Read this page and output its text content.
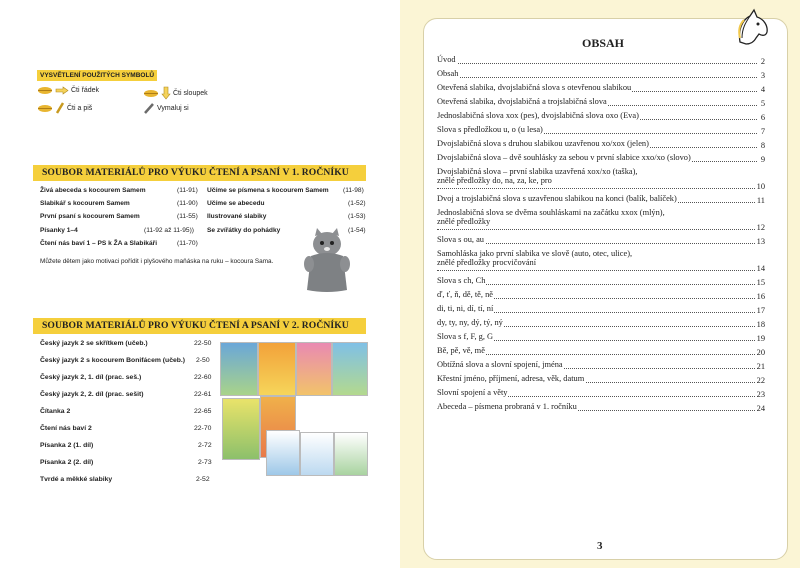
VYSVĚTLENÍ POUŽITÝCH SYMBOLŮ
Čti řádek	Čti sloupek
Čti a piš	Vymaluj si
SOUBOR MATERIÁLŮ PRO VÝUKU ČTENÍ A PSANÍ V 1. ROČNÍKU
Živá abeceda s kocourem Samem	(11-91)
Slabikář s kocourem Samem	(11-90)
První psaní s kocourem Samem	(11-55)
Písanky 1–4	(11-92 až 11-95))
Čtení nás baví 1 – PS k ŽA a Slabikáři	(11-70)
Učíme se písmena s kocourem Samem (11-98)
Učíme se abecedu	(1-52)
Ilustrované slabiky	(1-53)
Se zvířátky do pohádky	(1-54)
Můžete dětem jako motivaci pořídit i plyšového maňáska na ruku – kocoura Sama.
SOUBOR MATERIÁLŮ PRO VÝUKU ČTENÍ A PSANÍ V 2. ROČNÍKU
Český jazyk 2 se skřítkem (učeb.)	22-50
Český jazyk 2 s kocourem Bonifácem (učeb.) 2-50
Český jazyk 2, 1. díl (prac. seš.)	22-60
Český jazyk 2, 2. díl (prac. sešit)	22-61
Čítanka 2	22-65
Čtení nás baví 2	22-70
Písanka 2 (1. díl)	2-72
Písanka 2 (2. díl)	2-73
Tvrdé a měkké slabiky	2-52
OBSAH
Úvod	2
Obsah	3
Otevřená slabika, dvojslabičná slova s otevřenou slabikou	4
Otevřená slabika, dvojslabičná a trojslabičná slova	5
Jednoslabičná slova xox (pes), dvojslabičná slova oxo (Eva)	6
Slova s předložkou u, o (u lesa)	7
Dvojslabičná slova s druhou slabikou uzavřenou xo/xox (jelen)	8
Dvojslabičná slova – dvě souhlásky za sebou v první slabice xxo/xo (slovo)	9
Dvojslabičná slova – první slabika uzavřená xox/xo (taška),
znělé předložky do, na, za, ke, pro
10
Dvoj a trojslabičná slova s uzavřenou slabikou na konci (balík, balíček)	11
Jednoslabičná slova se dvěma souhláskami na začátku xxox (mlýn),
znělé předložky
12
Slova s ou, au	13
Samohláska jako první slabika ve slově (auto, otec, ulice),
znělé předložky procvičování
14
Slova s ch, Ch	15
ď, ť, ň, dě, tě, ně	16
di, ti, ni, dí, tí, ní	17
dy, ty, ny, dý, tý, ný	18
Slova s f, F, g, G	19
Bě, pě, vě, mě	20
Obtížná slova a slovní spojení, jména	21
Křestní jméno, příjmení, adresa, věk, datum	22
Slovní spojení a věty	23
Abeceda – písmena probraná v 1. ročníku	24
3
